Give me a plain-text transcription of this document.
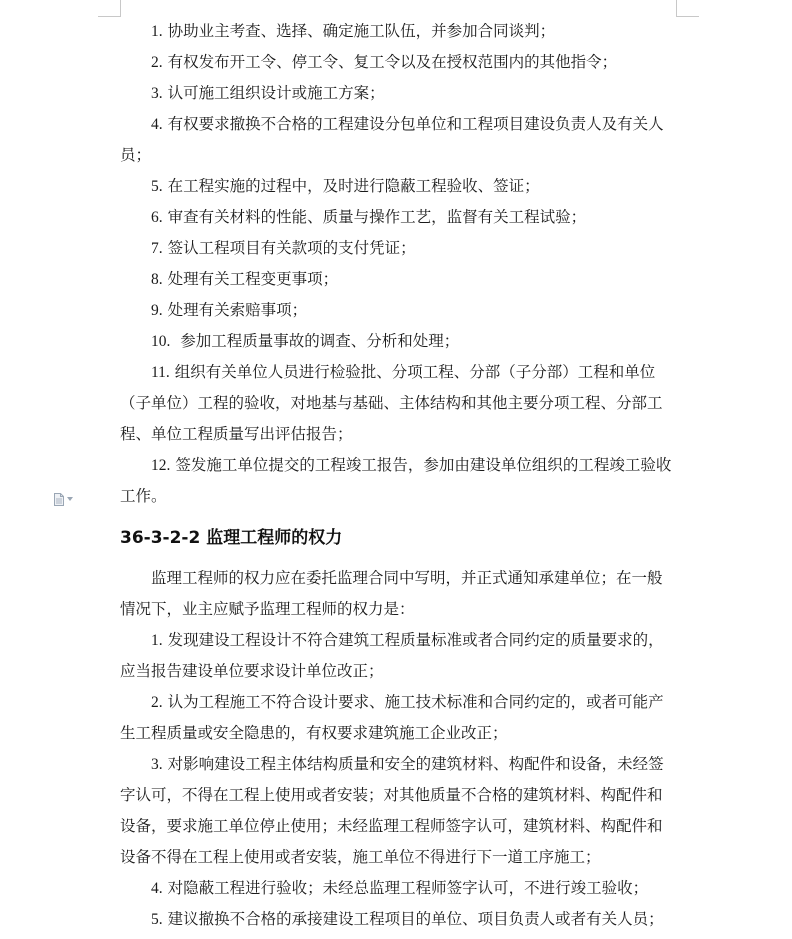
1. 协助业主考查、选择、确定施工队伍，并参加合同谈判；

2. 有权发布开工令、停工令、复工令以及在授权范围内的其他指令；

3. 认可施工组织设计或施工方案；

4. 有权要求撤换不合格的工程建设分包单位和工程项目建设负责人及有关人员；

5. 在工程实施的过程中，及时进行隐蔽工程验收、签证；

6. 审查有关材料的性能、质量与操作工艺，监督有关工程试验；

7. 签认工程项目有关款项的支付凭证；

8. 处理有关工程变更事项；

9. 处理有关索赔事项；

10. 参加工程质量事故的调查、分析和处理；

11. 组织有关单位人员进行检验批、分项工程、分部（子分部）工程和单位（子单位）工程的验收，对地基与基础、主体结构和其他主要分项工程、分部工程、单位工程质量写出评估报告；

12. 签发施工单位提交的工程竣工报告，参加由建设单位组织的工程竣工验收工作。

36-3-2-2 监理工程师的权力

监理工程师的权力应在委托监理合同中写明，并正式通知承建单位；在一般情况下，业主应赋予监理工程师的权力是：

1. 发现建设工程设计不符合建筑工程质量标准或者合同约定的质量要求的，应当报告建设单位要求设计单位改正；

2. 认为工程施工不符合设计要求、施工技术标准和合同约定的，或者可能产生工程质量或安全隐患的，有权要求建筑施工企业改正；

3. 对影响建设工程主体结构质量和安全的建筑材料、构配件和设备，未经签字认可，不得在工程上使用或者安装；对其他质量不合格的建筑材料、构配件和设备，要求施工单位停止使用；未经监理工程师签字认可，建筑材料、构配件和设备不得在工程上使用或者安装，施工单位不得进行下一道工序施工；

4. 对隐蔽工程进行验收；未经总监理工程师签字认可，不进行竣工验收；

5. 建议撤换不合格的承接建设工程项目的单位、项目负责人或者有关人员；
